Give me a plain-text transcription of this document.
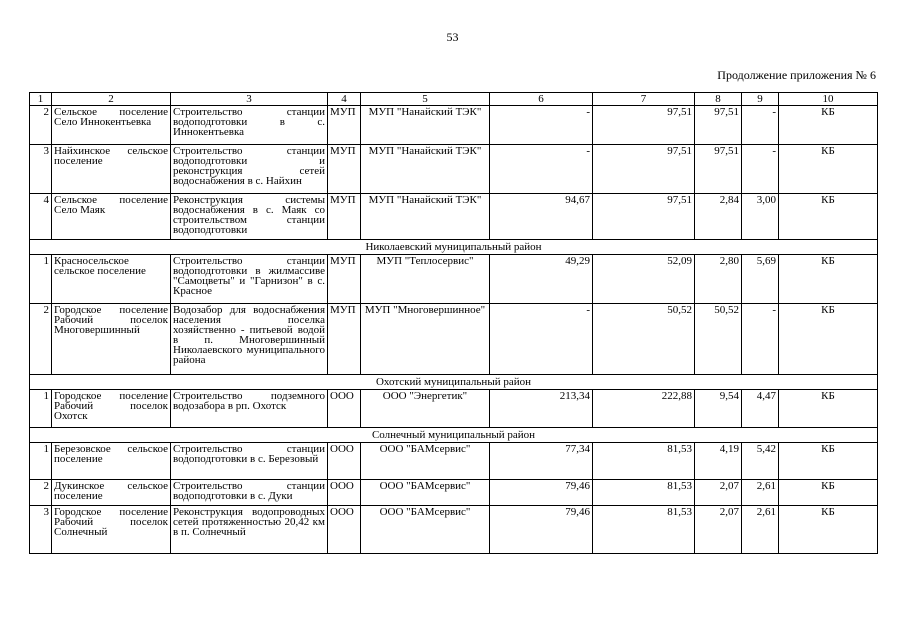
53
Продолжение приложения № 6
1	2	3	4	5	6	7	8	9	10
2	Сельское поселение Село Иннокентьевка	Строительство станции водоподготовки в с. Иннокентьевка	МУП	МУП "Нанайский ТЭК"	-	97,51	97,51	-	КБ
3	Найхинское сельское поселение	Строительство станции водоподготовки и реконструкция сетей водоснабжения в с. Найхин	МУП	МУП "Нанайский ТЭК"	-	97,51	97,51	-	КБ
4	Сельское поселение Село Маяк	Реконструкция системы водоснабжения в с. Маяк со строительством станции водоподготовки	МУП	МУП "Нанайский ТЭК"	94,67	97,51	2,84	3,00	КБ
Николаевский муниципальный район									
1	Красносельское сельское поселение	Строительство станции водоподготовки в жилмассиве "Самоцветы" и "Гарнизон" в с. Красное	МУП	МУП "Теплосервис"	49,29	52,09	2,80	5,69	КБ
2	Городское поселение Рабочий поселок Многовершинный	Водозабор для водоснабжения населения поселка хозяйственно - питьевой водой в п. Многовершинный Николаевского муниципального района	МУП	МУП "Многовершинное"	-	50,52	50,52	-	КБ
Охотский муниципальный район									
1	Городское поселение Рабочий поселок Охотск	Строительство подземного водозабора в рп. Охотск	ООО	ООО "Энергетик"	213,34	222,88	9,54	4,47	КБ
Солнечный муниципальный район									
1	Березовское сельское поселение	Строительство станции водоподготовки в с. Березовый	ООО	ООО "БАМсервис"	77,34	81,53	4,19	5,42	КБ
2	Дукинское сельское поселение	Строительство станции водоподготовки в с. Дуки	ООО	ООО "БАМсервис"	79,46	81,53	2,07	2,61	КБ
3	Городское поселение Рабочий поселок Солнечный	Реконструкция водопроводных сетей протяженностью 20,42 км в п. Солнечный	ООО	ООО "БАМсервис"	79,46	81,53	2,07	2,61	КБ
